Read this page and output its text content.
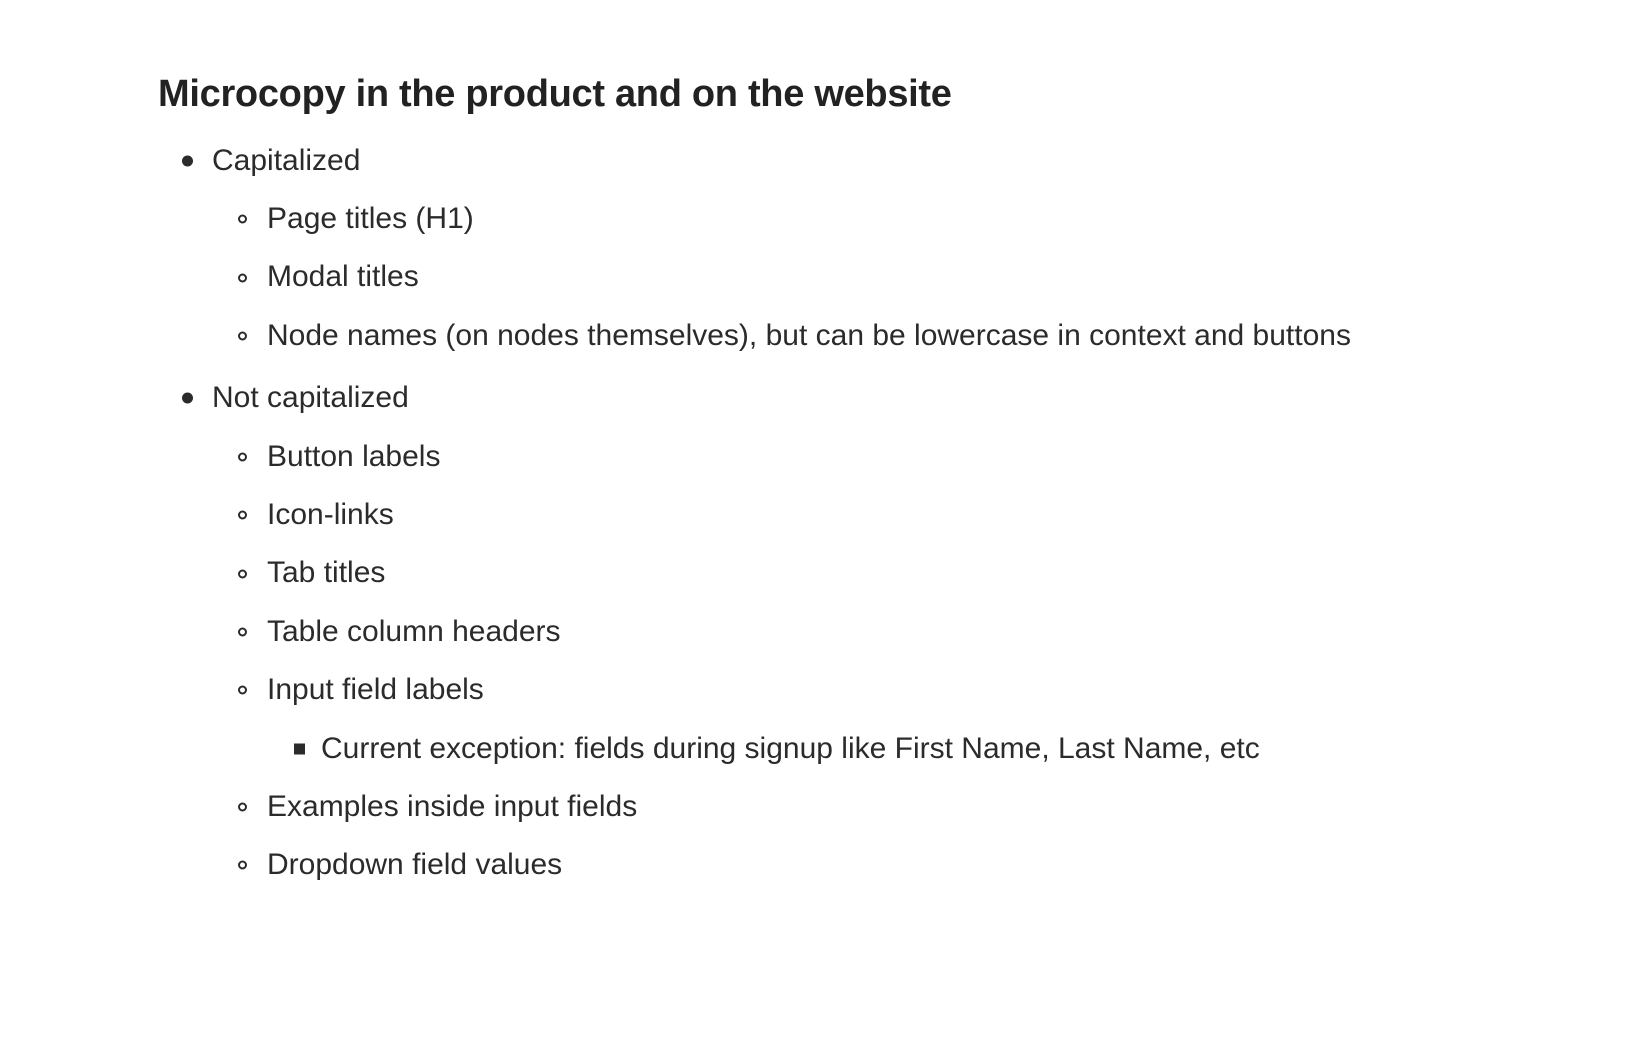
Microcopy in the product and on the website
Capitalized
Page titles (H1)
Modal titles
Node names (on nodes themselves), but can be lowercase in context and buttons
Not capitalized
Button labels
Icon-links
Tab titles
Table column headers
Input field labels
Current exception: fields during signup like First Name, Last Name, etc
Examples inside input fields
Dropdown field values
